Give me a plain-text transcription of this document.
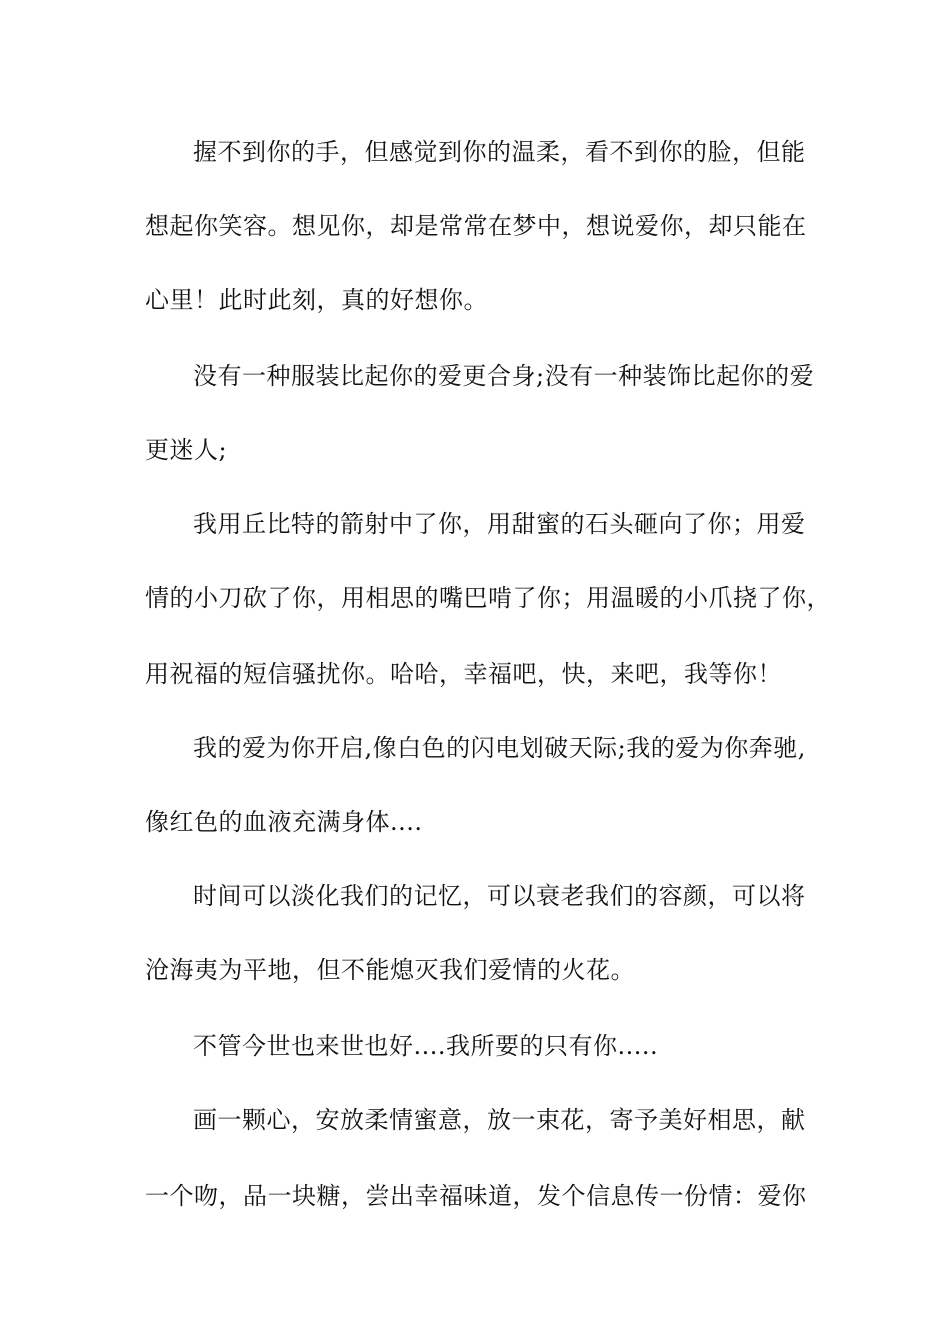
握不到你的手，但感觉到你的温柔，看不到你的脸，但能
想起你笑容。想见你，却是常常在梦中，想说爱你，却只能在
心里！此时此刻，真的好想你。
没有一种服装比起你的爱更合身;没有一种装饰比起你的爱
更迷人;
我用丘比特的箭射中了你，用甜蜜的石头砸向了你；用爱
情的小刀砍了你，用相思的嘴巴啃了你；用温暖的小爪挠了你，
用祝福的短信骚扰你。哈哈，幸福吧，快，来吧，我等你！
我的爱为你开启,像白色的闪电划破天际;我的爱为你奔驰,
像红色的血液充满身体....
时间可以淡化我们的记忆，可以衰老我们的容颜，可以将
沧海夷为平地，但不能熄灭我们爱情的火花。
不管今世也来世也好....我所要的只有你.....
画一颗心，安放柔情蜜意，放一束花，寄予美好相思，献
一个吻，品一块糖，尝出幸福味道，发个信息传一份情：爱你
